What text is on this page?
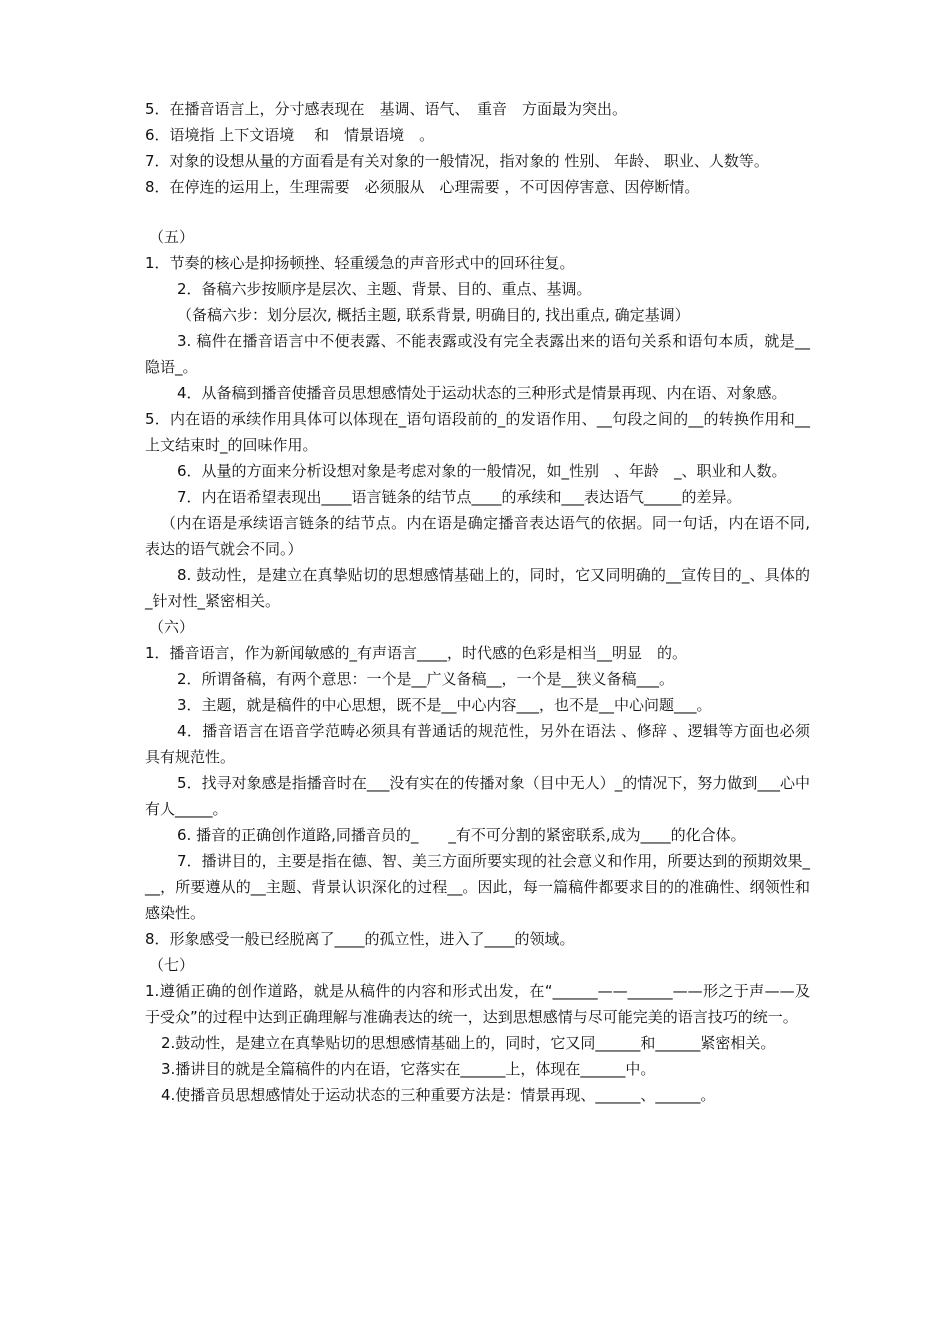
5．在播音语言上，分寸感表现在　基调、语气、　重音　方面最为突出。

6．语境指 上下文语境　 和　情景语境　。

7．对象的设想从量的方面看是有关对象的一般情况，指对象的 性别、 年龄、 职业、人数等。

8．在停连的运用上，生理需要　必须服从　心理需要 ，不可因停害意、因停断情。

（五）

1．节奏的核心是抑扬顿挫、轻重缓急的声音形式中的回环往复。

2．备稿六步按顺序是层次、主题、背景、目的、重点、基调。

（备稿六步：划分层次, 概括主题, 联系背景, 明确目的, 找出重点, 确定基调）

3. 稿件在播音语言中不便表露、不能表露或没有完全表露出来的语句关系和语句本质，就是__隐语_。

4．从备稿到播音使播音员思想感情处于运动状态的三种形式是情景再现、内在语、对象感。

5．内在语的承续作用具体可以体现在_语句语段前的_的发语作用、__句段之间的__的转换作用和__上文结束时_的回味作用。

6．从量的方面来分析设想对象是考虑对象的一般情况，如_性别　、年龄　_、职业和人数。

7．内在语希望表现出____语言链条的结节点____的承续和___表达语气_____的差异。

（内在语是承续语言链条的结节点。内在语是确定播音表达语气的依据。同一句话，内在语不同,表达的语气就会不同。）

8. 鼓动性，是建立在真挚贴切的思想感情基础上的，同时，它又同明确的__宣传目的_、具体的_针对性_紧密相关。

（六）

1．播音语言，作为新闻敏感的_有声语言____，时代感的色彩是相当__明显　的。

2．所谓备稿，有两个意思：一个是__广义备稿__，一个是__狭义备稿___。

3．主题，就是稿件的中心思想，既不是__中心内容___，也不是__中心问题___。

4．播音语言在语音学范畴必须具有普通话的规范性，另外在语法 、修辞 、逻辑等方面也必须具有规范性。

5．找寻对象感是指播音时在___没有实在的传播对象（目中无人）_的情况下，努力做到___心中有人_____。

6. 播音的正确创作道路,同播音员的_　　_有不可分割的紧密联系,成为____的化合体。

7．播讲目的，主要是指在德、智、美三方面所要实现的社会意义和作用，所要达到的预期效果___，所要遵从的__主题、背景认识深化的过程__。因此，每一篇稿件都要求目的的准确性、纲领性和感染性。

8．形象感受一般已经脱离了____的孤立性，进入了____的领域。

（七）

1.遵循正确的创作道路，就是从稿件的内容和形式出发，在“______——______——形之于声——及于受众”的过程中达到正确理解与准确表达的统一，达到思想感情与尽可能完美的语言技巧的统一。

2.鼓动性，是建立在真挚贴切的思想感情基础上的，同时，它又同______和______紧密相关。

3.播讲目的就是全篇稿件的内在语，它落实在______上，体现在______中。

4.使播音员思想感情处于运动状态的三种重要方法是：情景再现、______、______。
